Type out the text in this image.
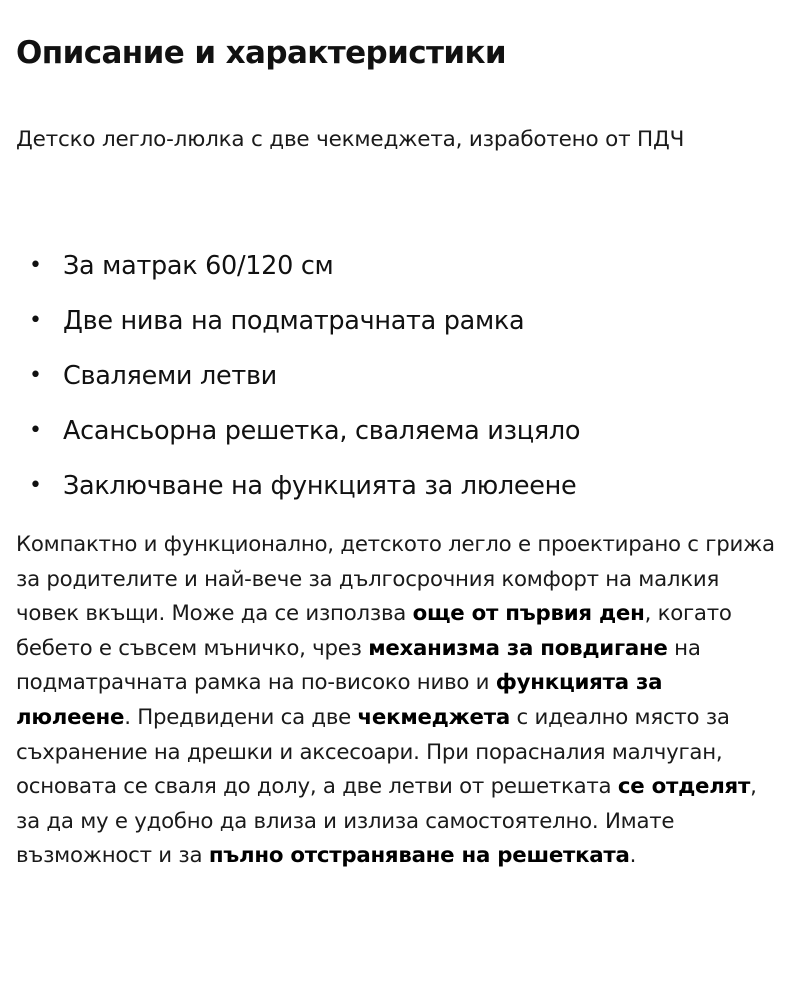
Описание и характеристики

Детско легло-люлка с две чекмеджета, изработено от ПДЧ

• За матрак 60/120 см
• Две нива на подматрачната рамка
• Сваляеми летви
• Асансьорна решетка, сваляема изцяло
• Заключване на функцията за люлеене

Компактно и функционално, детското легло е проектирано с грижа за родителите и най-вече за дългосрочния комфорт на малкия човек вкъщи. Може да се използва още от първия ден, когато бебето е съвсем мъничко, чрез механизма за повдигане на подматрачната рамка на по-високо ниво и функцията за люлеене. Предвидени са две чекмеджета с идеално място за съхранение на дрешки и аксесоари. При порасналия малчуган, основата се сваля до долу, а две летви от решетката се отделят, за да му е удобно да влиза и излиза самостоятелно. Имате възможност и за пълно отстраняване на решетката.
